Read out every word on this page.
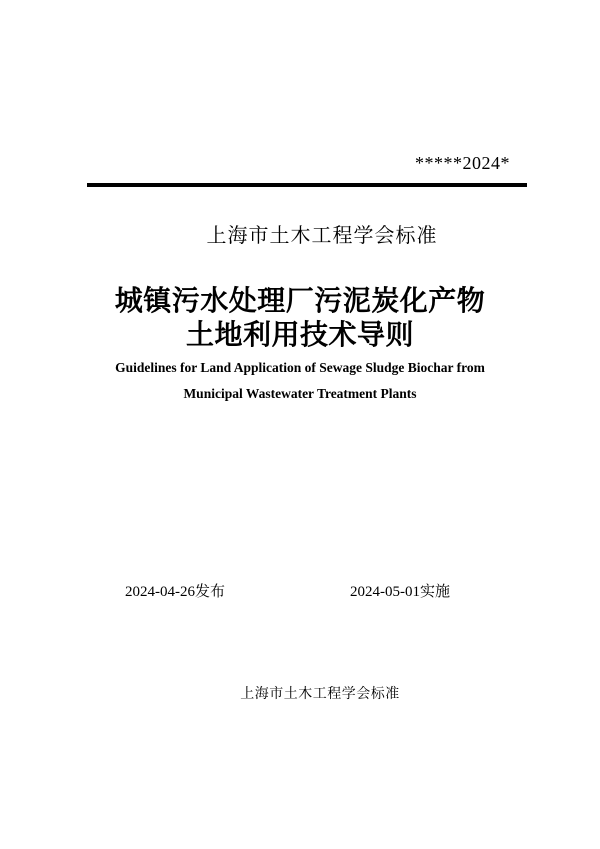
*****2024*
上海市土木工程学会标准
城镇污水处理厂污泥炭化产物
土地利用技术导则
Guidelines for Land Application of Sewage Sludge Biochar from
Municipal Wastewater Treatment Plants
2024-04-26发布	2024-05-01实施
上海市土木工程学会标准
